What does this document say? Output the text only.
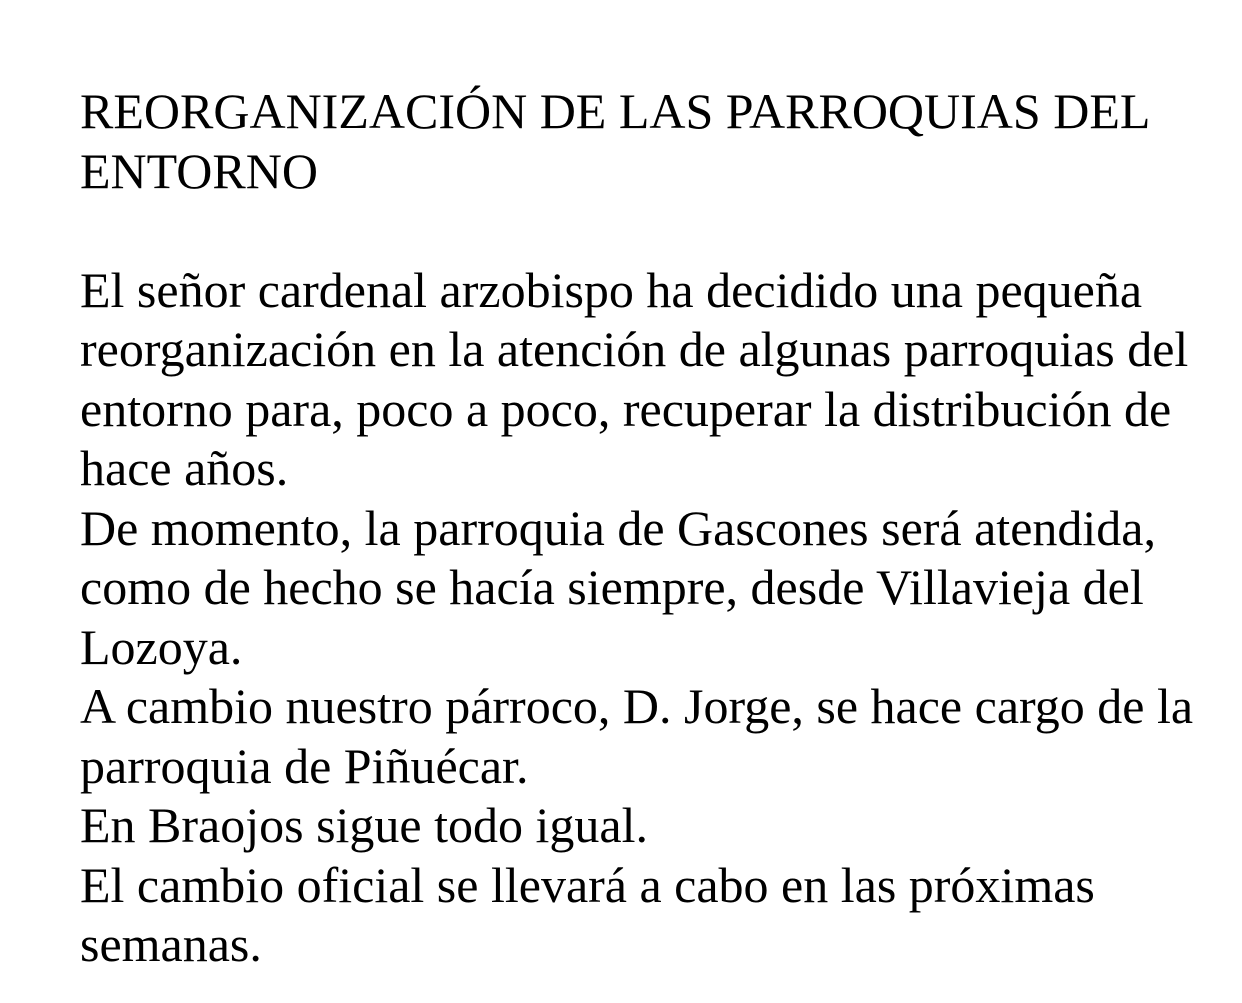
REORGANIZACIÓN DE LAS PARROQUIAS DEL ENTORNO

El señor cardenal arzobispo ha decidido una pequeña reorganización en la atención de algunas parroquias del entorno para, poco a poco, recuperar la distribución de hace años.

De momento, la parroquia de Gascones será atendida, como de hecho se hacía siempre, desde Villavieja del Lozoya.

A cambio nuestro párroco, D. Jorge, se hace cargo de la parroquia de Piñuécar.

En Braojos sigue todo igual.

El cambio oficial se llevará a cabo en las próximas semanas.
